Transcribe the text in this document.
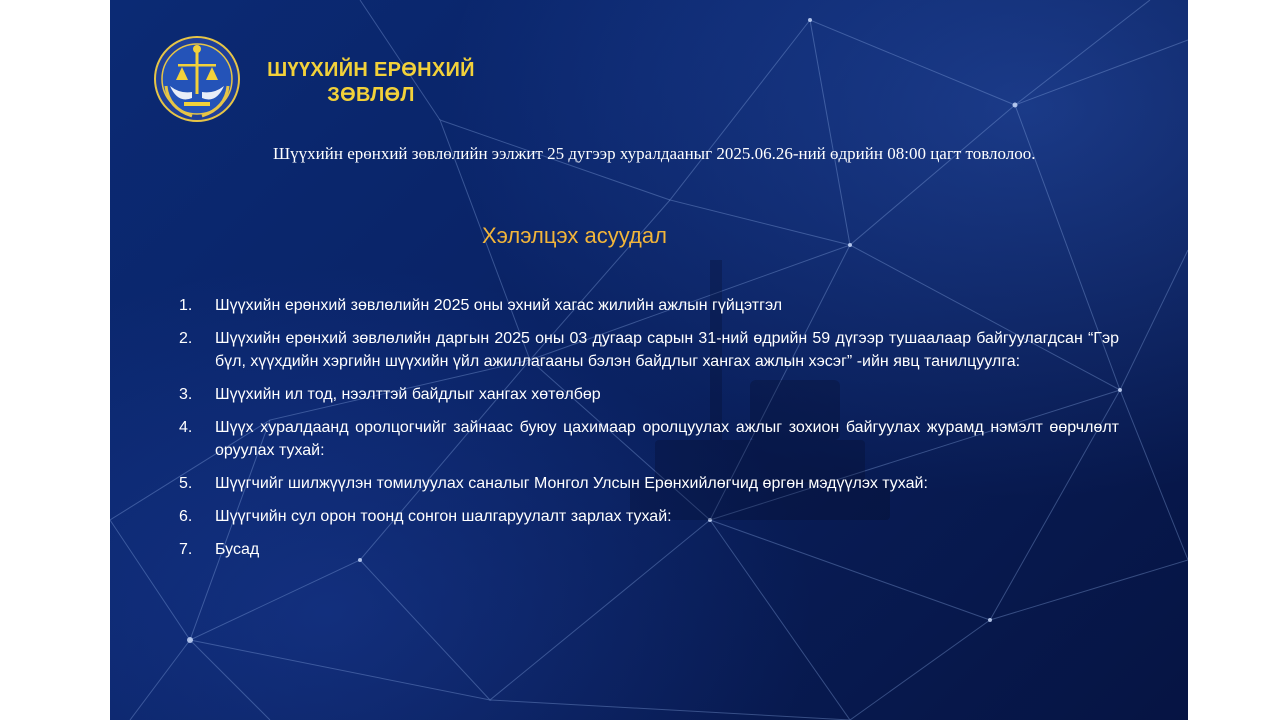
ШҮҮХИЙН ЕРӨНХИЙ
ЗӨВЛӨЛ
Шүүхийн ерөнхий зөвлөлийн ээлжит 25 дугээр хуралдааныг 2025.06.26-ний өдрийн 08:00 цагт товлолоо.
Хэлэлцэх асуудал
1. Шүүхийн ерөнхий зөвлөлийн 2025 оны эхний хагас жилийн ажлын гүйцэтгэл
2. Шүүхийн ерөнхий зөвлөлийн даргын 2025 оны 03 дугаар сарын 31-ний өдрийн 59 дүгээр тушаалаар байгуулагдсан “Гэр бүл, хүүхдийн хэргийн шүүхийн үйл ажиллагааны бэлэн байдлыг хангах ажлын хэсэг” -ийн явц танилцуулга:
3. Шүүхийн ил тод, нээлттэй байдлыг хангах хөтөлбөр
4. Шүүх хуралдаанд оролцогчийг зайнаас буюу цахимаар оролцуулах ажлыг зохион байгуулах журамд нэмэлт өөрчлөлт оруулах тухай:
5. Шүүгчийг шилжүүлэн томилуулах саналыг Монгол Улсын Ерөнхийлөгчид өргөн мэдүүлэх тухай:
6. Шүүгчийн сул орон тоонд сонгон шалгаруулалт зарлах тухай:
7. Бусад
